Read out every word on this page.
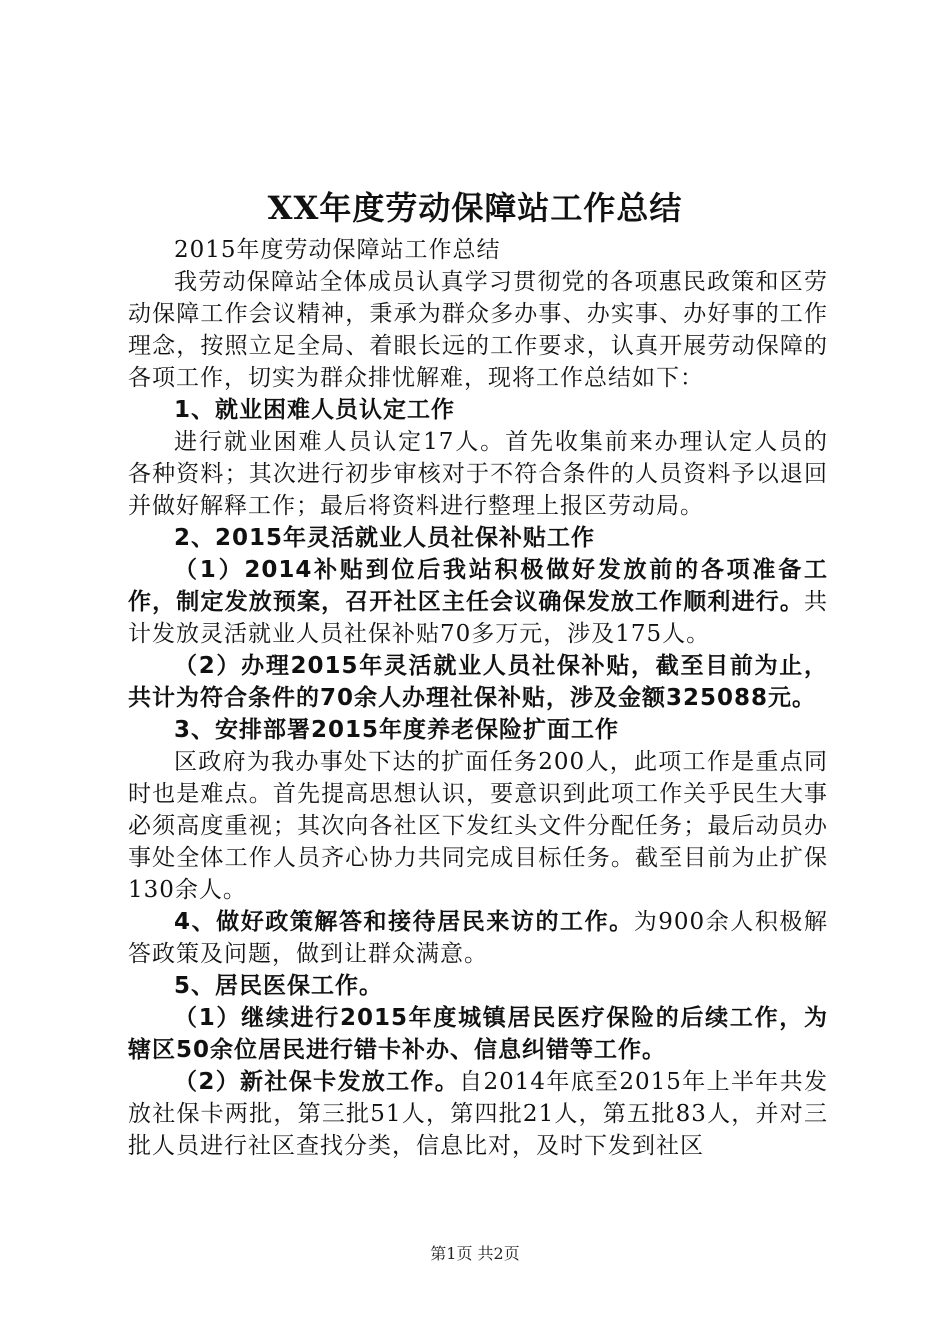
XX年度劳动保障站工作总结

2015年度劳动保障站工作总结

我劳动保障站全体成员认真学习贯彻党的各项惠民政策和区劳动保障工作会议精神，秉承为群众多办事、办实事、办好事的工作理念，按照立足全局、着眼长远的工作要求，认真开展劳动保障的各项工作，切实为群众排忧解难，现将工作总结如下：

1、就业困难人员认定工作

进行就业困难人员认定17人。首先收集前来办理认定人员的各种资料；其次进行初步审核对于不符合条件的人员资料予以退回并做好解释工作；最后将资料进行整理上报区劳动局。

2、2015年灵活就业人员社保补贴工作

（1）2014补贴到位后我站积极做好发放前的各项准备工作，制定发放预案，召开社区主任会议确保发放工作顺利进行。共计发放灵活就业人员社保补贴70多万元，涉及175人。

（2）办理2015年灵活就业人员社保补贴，截至目前为止，共计为符合条件的70余人办理社保补贴，涉及金额325088元。

3、安排部署2015年度养老保险扩面工作

区政府为我办事处下达的扩面任务200人，此项工作是重点同时也是难点。首先提高思想认识，要意识到此项工作关乎民生大事必须高度重视；其次向各社区下发红头文件分配任务；最后动员办事处全体工作人员齐心协力共同完成目标任务。截至目前为止扩保130余人。

4、做好政策解答和接待居民来访的工作。为900余人积极解答政策及问题，做到让群众满意。

5、居民医保工作。

（1）继续进行2015年度城镇居民医疗保险的后续工作，为辖区50余位居民进行错卡补办、信息纠错等工作。

（2）新社保卡发放工作。自2014年底至2015年上半年共发放社保卡两批，第三批51人，第四批21人，第五批83人，并对三批人员进行社区查找分类，信息比对，及时下发到社区

第1页 共2页
